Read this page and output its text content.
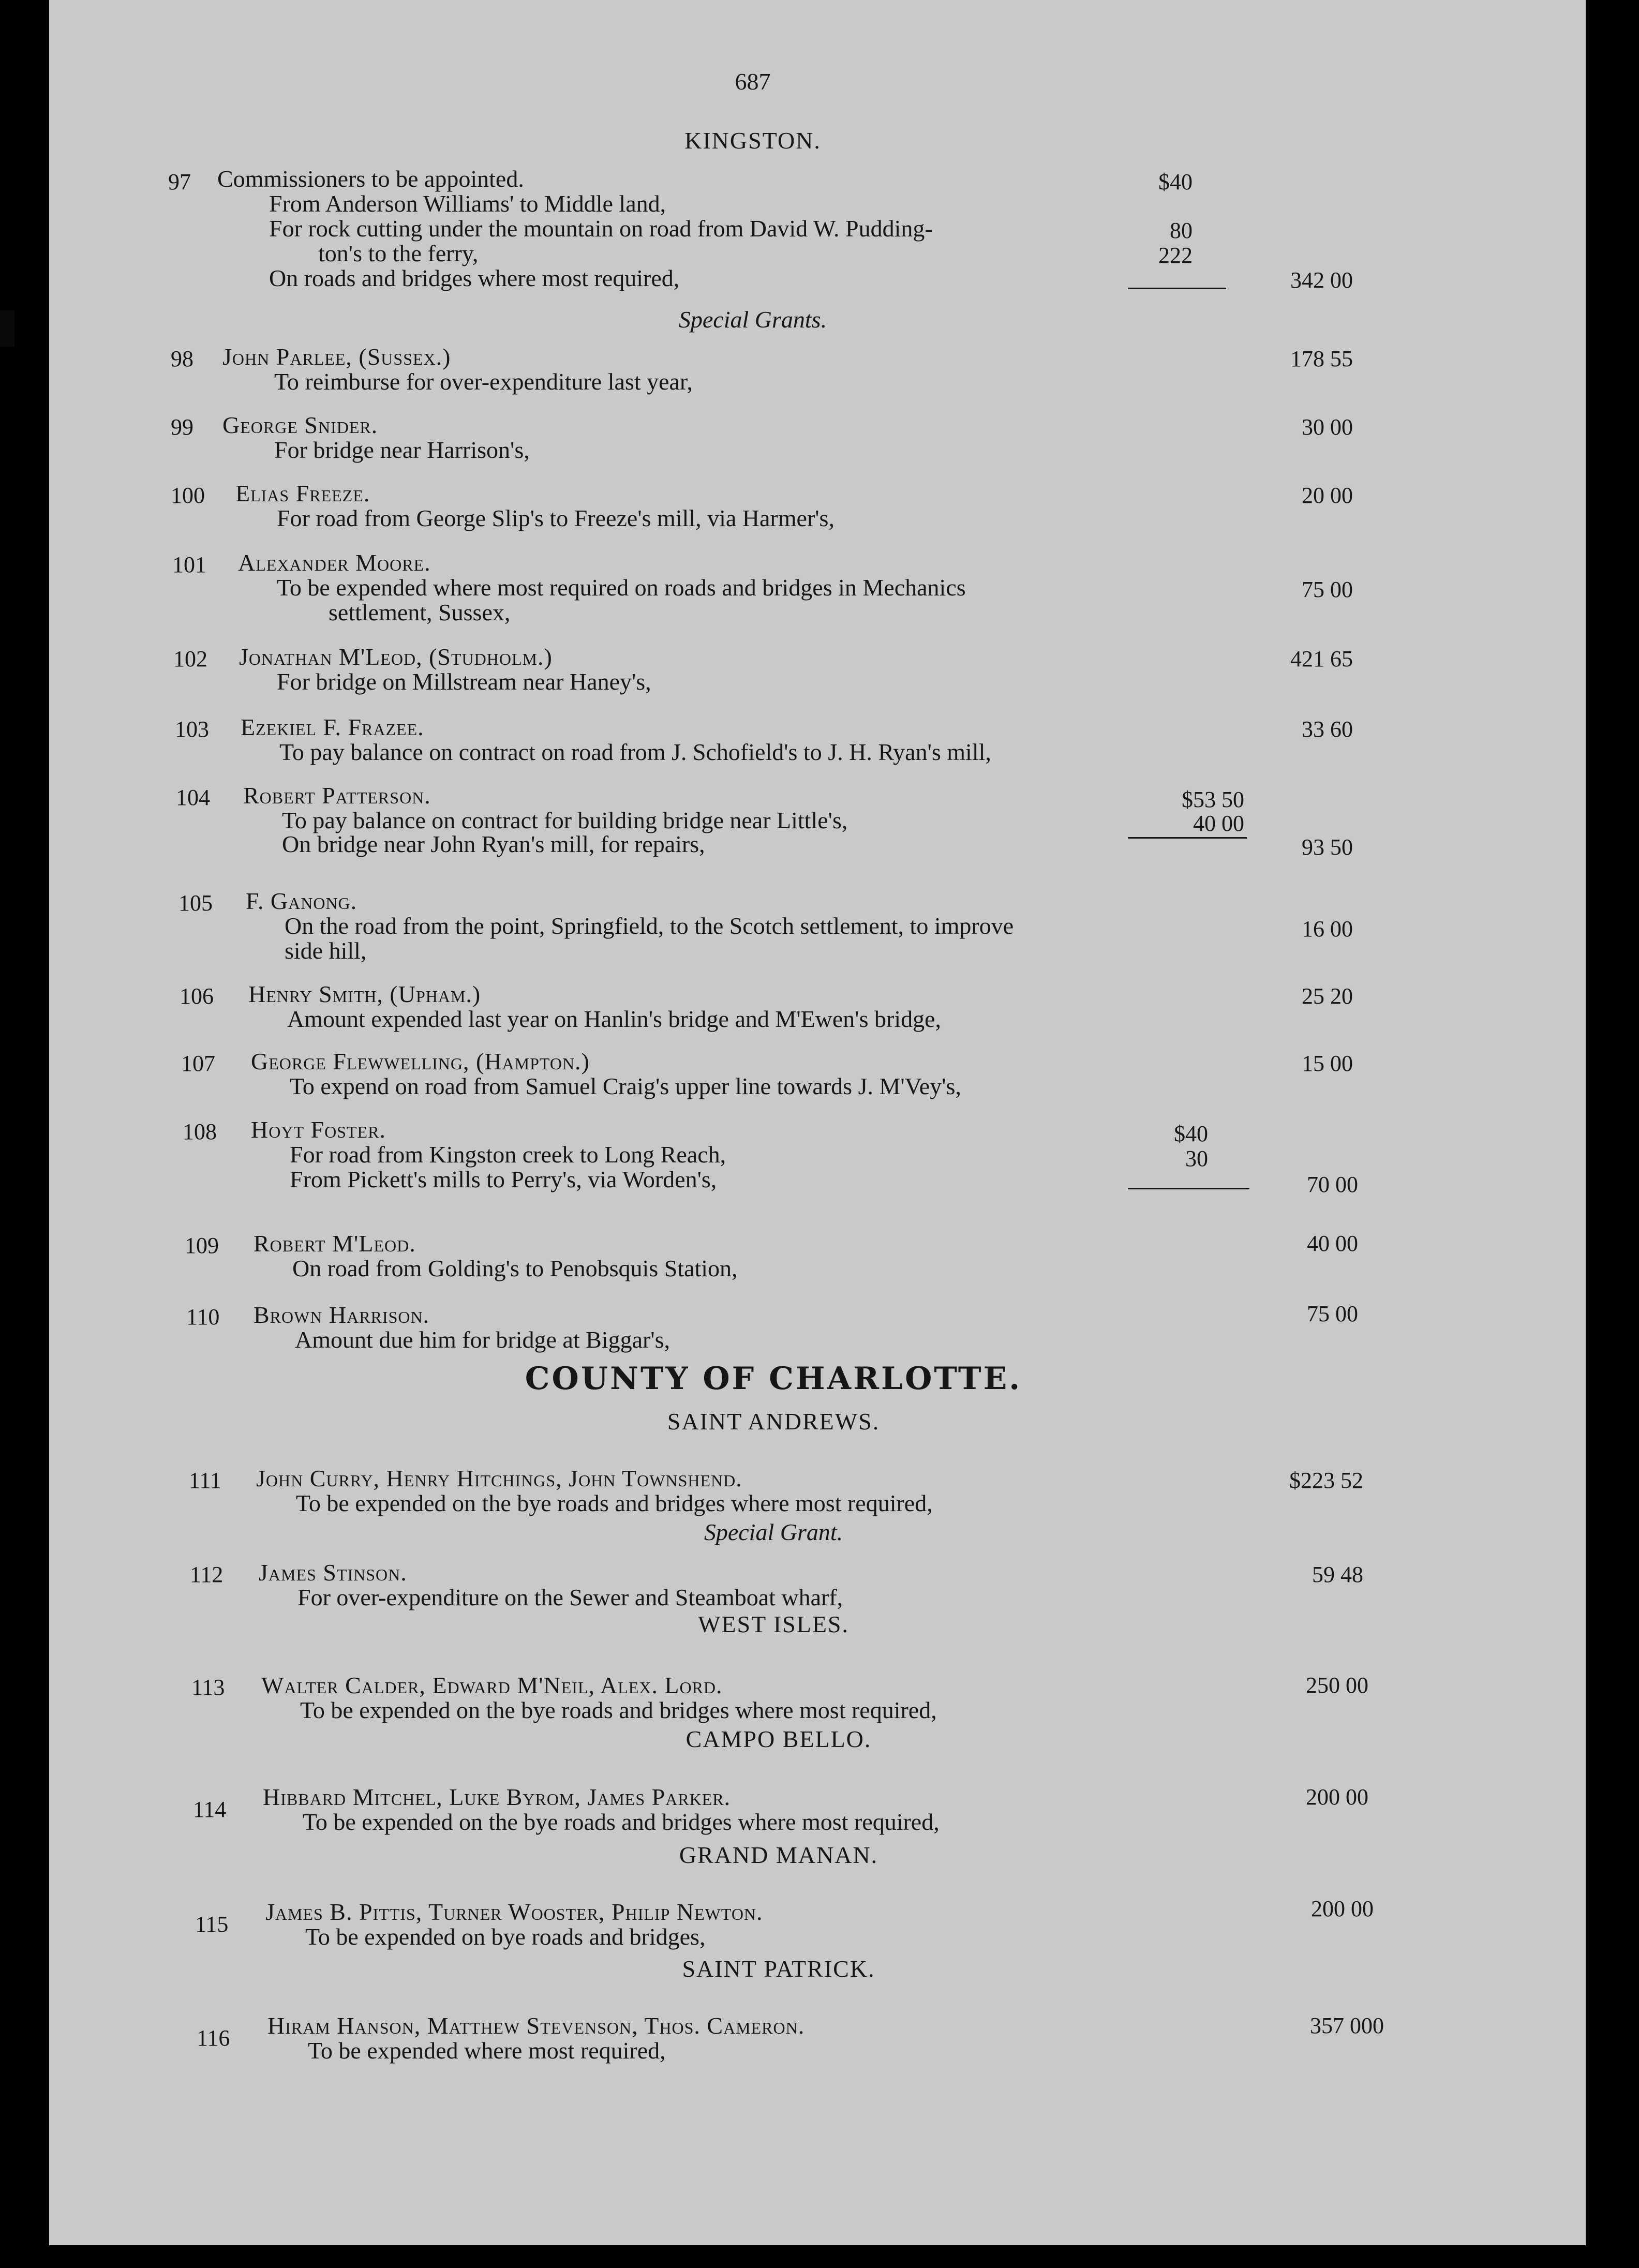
687
KINGSTON.
97 Commissioners to be appointed.
From Anderson Williams' to Middle land,
For rock cutting under the mountain on road from David W. Pudding-
ton's to the ferry,
On roads and bridges where most required,
$40
80
222
342 00
Special Grants.
98 John Parlee, (Sussex.)
To reimburse for over-expenditure last year,
178 55
99 George Snider.
For bridge near Harrison's,
30 00
100 Elias Freeze.
For road from George Slip's to Freeze's mill, via Harmer's,
20 00
101 Alexander Moore.
To be expended where most required on roads and bridges in Mechanics
settlement, Sussex,
75 00
102 Jonathan M'Leod, (Studholm.)
For bridge on Millstream near Haney's,
421 65
103 Ezekiel F. Frazee.
To pay balance on contract on road from J. Schofield's to J. H. Ryan's mill,
33 60
104 Robert Patterson.
To pay balance on contract for building bridge near Little's,
On bridge near John Ryan's mill, for repairs,
$53 50
40 00
93 50
105 F. Ganong.
On the road from the point, Springfield, to the Scotch settlement, to improve
side hill,
16 00
106 Henry Smith, (Upham.)
Amount expended last year on Hanlin's bridge and M'Ewen's bridge,
25 20
107 George Flewwelling, (Hampton.)
To expend on road from Samuel Craig's upper line towards J. M'Vey's,
15 00
108 Hoyt Foster.
For road from Kingston creek to Long Reach,
From Pickett's mills to Perry's, via Worden's,
$40
30
70 00
109 Robert M'Leod.
On road from Golding's to Penobsquis Station,
40 00
110 Brown Harrison.
Amount due him for bridge at Biggar's,
75 00
COUNTY OF CHARLOTTE.
SAINT ANDREWS.
111 John Curry, Henry Hitchings, John Townshend.
To be expended on the bye roads and bridges where most required,
$223 52
Special Grant.
112 James Stinson.
For over-expenditure on the Sewer and Steamboat wharf,
59 48
WEST ISLES.
113 Walter Calder, Edward M'Neil, Alex. Lord.
To be expended on the bye roads and bridges where most required,
250 00
CAMPO BELLO.
114 Hibbard Mitchel, Luke Byrom, James Parker.
To be expended on the bye roads and bridges where most required,
200 00
GRAND MANAN.
115 James B. Pittis, Turner Wooster, Philip Newton.
To be expended on bye roads and bridges,
200 00
SAINT PATRICK.
116 Hiram Hanson, Matthew Stevenson, Thos. Cameron.
To be expended where most required,
357 000
